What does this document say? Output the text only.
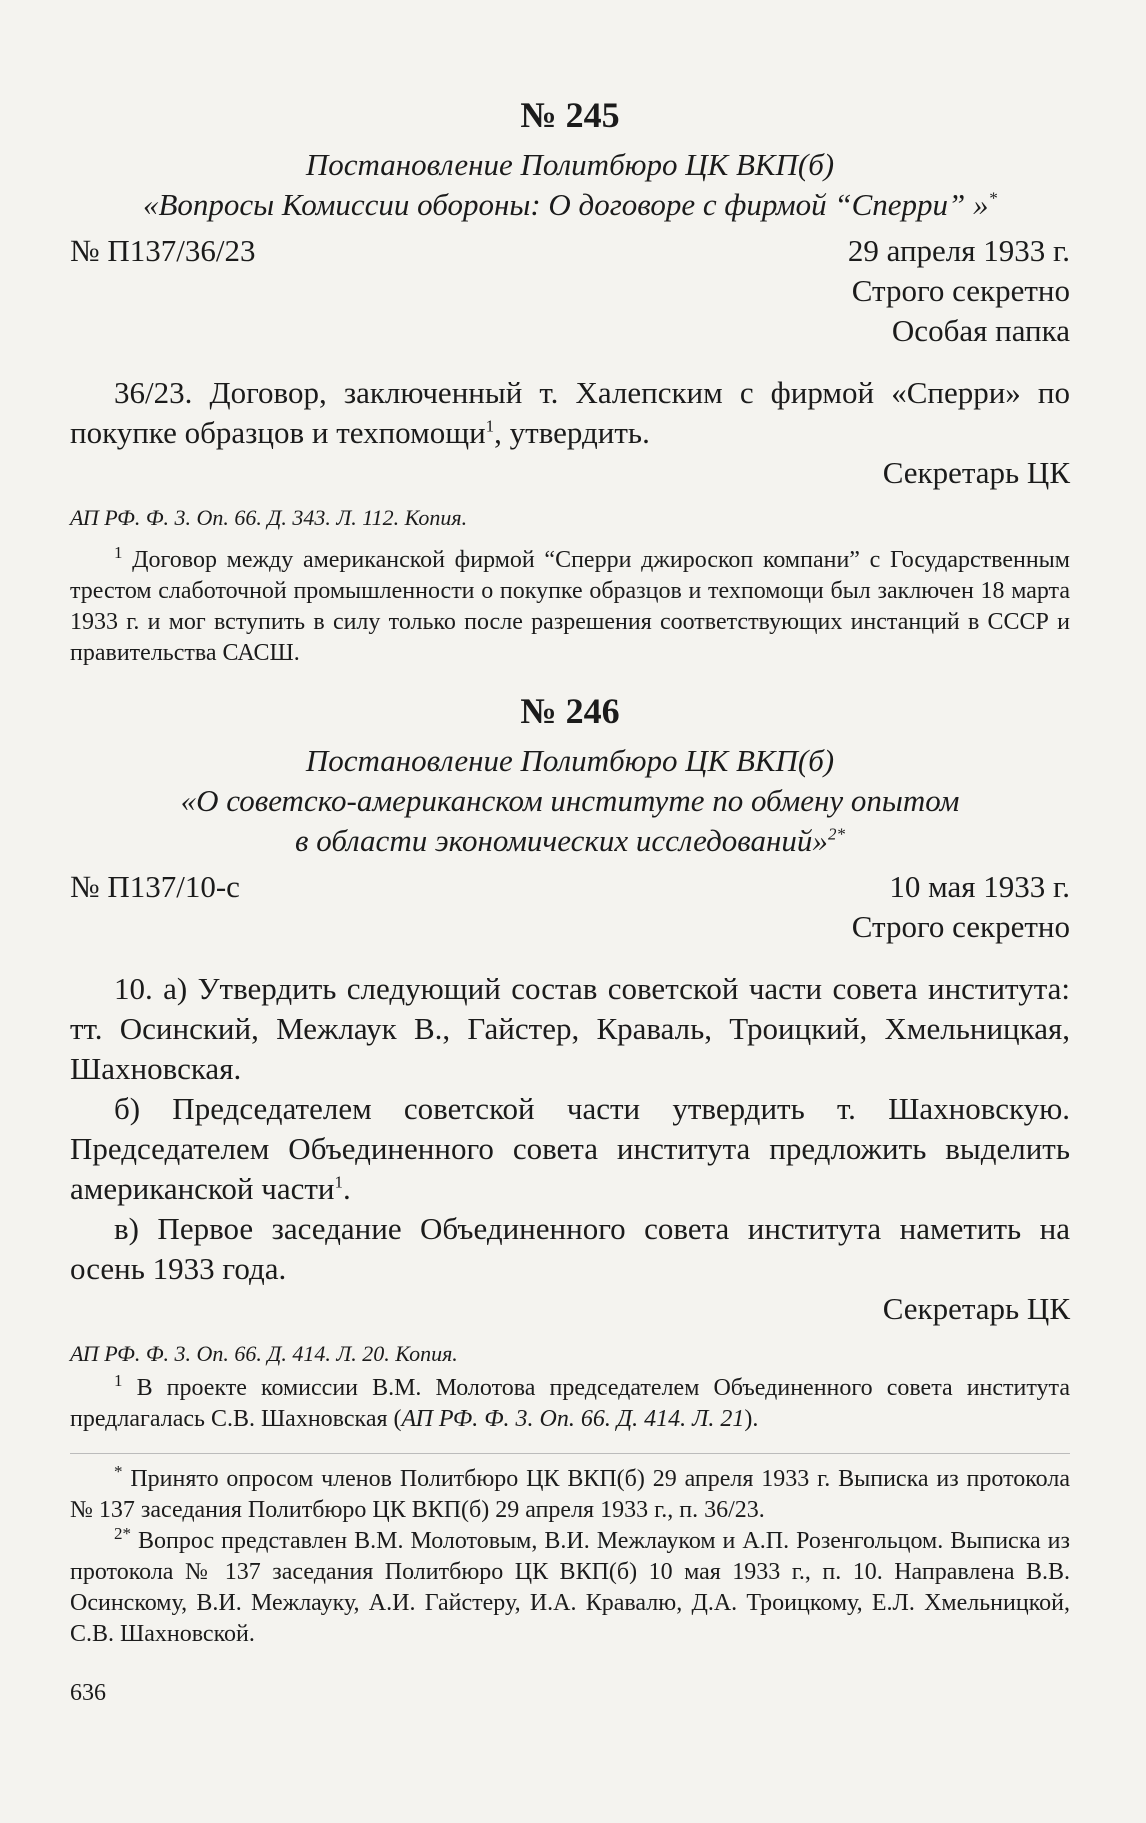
№ 245
Постановление Политбюро ЦК ВКП(б)
«Вопросы Комиссии обороны: О договоре с фирмой “Сперри” »*
№ П137/36/23	29 апреля 1933 г.
Строго секретно
Особая папка

36/23. Договор, заключенный т. Халепским с фирмой «Сперри» по покупке образцов и техпомощи$^1$, утвердить.

Секретарь ЦК
АП РФ. Ф. 3. Оп. 66. Д. 343. Л. 112. Копия.

$^1$ Договор между американской фирмой “Сперри джироскоп компани” с Государственным трестом слаботочной промышленности о покупке образцов и техпомощи был заключен 18 марта 1933 г. и мог вступить в силу только после разрешения соответствующих инстанций в СССР и правительства САСШ.

№ 246
Постановление Политбюро ЦК ВКП(б)
«О советско-американском институте по обмену опытом
в области экономических исследований»$^{2*}$
№ П137/10-с	10 мая 1933 г.
Строго секретно

10. а) Утвердить следующий состав советской части совета института: тт. Осинский, Межлаук В., Гайстер, Краваль, Троицкий, Хмельницкая, Шахновская.

б) Председателем советской части утвердить т. Шахновскую. Председателем Объединенного совета института предложить выделить американской части$^1$.

в) Первое заседание Объединенного совета института наметить на осень 1933 года.

Секретарь ЦК
АП РФ. Ф. 3. Оп. 66. Д. 414. Л. 20. Копия.

$^1$ В проекте комиссии В.М. Молотова председателем Объединенного совета института предлагалась С.В. Шахновская (АП РФ. Ф. 3. Оп. 66. Д. 414. Л. 21).

* Принято опросом членов Политбюро ЦК ВКП(б) 29 апреля 1933 г. Выписка из протокола № 137 заседания Политбюро ЦК ВКП(б) 29 апреля 1933 г., п. 36/23.

$^{2*}$ Вопрос представлен В.М. Молотовым, В.И. Межлауком и А.П. Розенгольцом. Выписка из протокола № 137 заседания Политбюро ЦК ВКП(б) 10 мая 1933 г., п. 10. Направлена В.В. Осинскому, В.И. Межлауку, А.И. Гайстеру, И.А. Кравалю, Д.А. Троицкому, Е.Л. Хмельницкой, С.В. Шахновской.

636
